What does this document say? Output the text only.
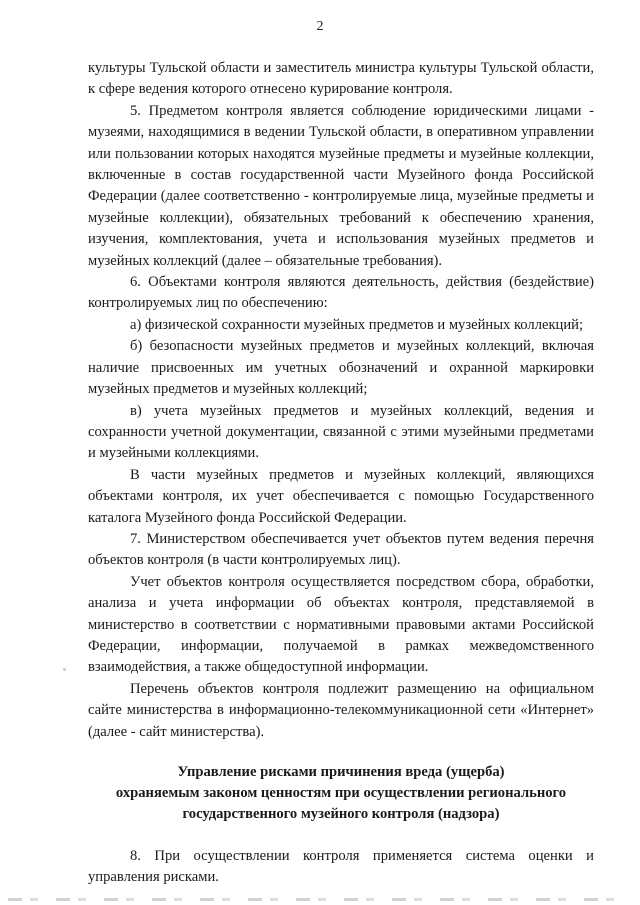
2

культуры Тульской области и заместитель министра культуры Тульской области, к сфере ведения которого отнесено курирование контроля.

5. Предметом контроля является соблюдение юридическими лицами - музеями, находящимися в ведении Тульской области, в оперативном управлении или пользовании которых находятся музейные предметы и музейные коллекции, включенные в состав государственной части Музейного фонда Российской Федерации (далее соответственно - контролируемые лица, музейные предметы и музейные коллекции), обязательных требований к обеспечению хранения, изучения, комплектования, учета и использования музейных предметов и музейных коллекций (далее – обязательные требования).

6. Объектами контроля являются деятельность, действия (бездействие) контролируемых лиц по обеспечению:

а) физической сохранности музейных предметов и музейных коллекций;

б) безопасности музейных предметов и музейных коллекций, включая наличие присвоенных им учетных обозначений и охранной маркировки музейных предметов и музейных коллекций;

в) учета музейных предметов и музейных коллекций, ведения и сохранности учетной документации, связанной с этими музейными предметами и музейными коллекциями.

В части музейных предметов и музейных коллекций, являющихся объектами контроля, их учет обеспечивается с помощью Государственного каталога Музейного фонда Российской Федерации.

7. Министерством обеспечивается учет объектов путем ведения перечня объектов контроля (в части контролируемых лиц).

Учет объектов контроля осуществляется посредством сбора, обработки, анализа и учета информации об объектах контроля, представляемой в министерство в соответствии с нормативными правовыми актами Российской Федерации, информации, получаемой в рамках межведомственного взаимодействия, а также общедоступной информации.

Перечень объектов контроля подлежит размещению на официальном сайте министерства в информационно-телекоммуникационной сети «Интернет» (далее - сайт министерства).

Управление рисками причинения вреда (ущерба)
охраняемым законом ценностям при осуществлении регионального
государственного музейного контроля (надзора)

8. При осуществлении контроля применяется система оценки и управления рисками.
